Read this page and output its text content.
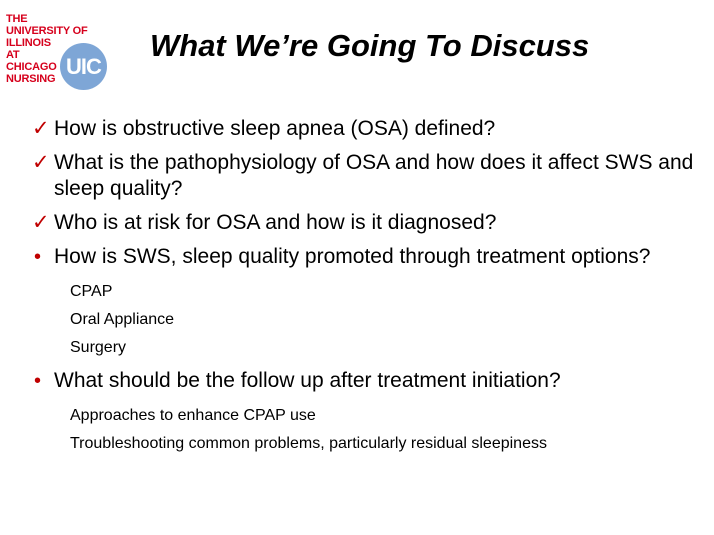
THE
UNIVERSITY OF
ILLINOIS
AT
CHICAGO
NURSING
UIC
What We’re Going To Discuss
✓ How is obstructive sleep apnea (OSA) defined?
✓ What is the pathophysiology of OSA and how does it affect SWS and sleep quality?
✓ Who is at risk for OSA and how is it diagnosed?
• How is SWS, sleep quality promoted through treatment options?
CPAP
Oral Appliance
Surgery
• What should be the follow up after treatment initiation?
Approaches to enhance CPAP use
Troubleshooting common problems, particularly residual sleepiness
